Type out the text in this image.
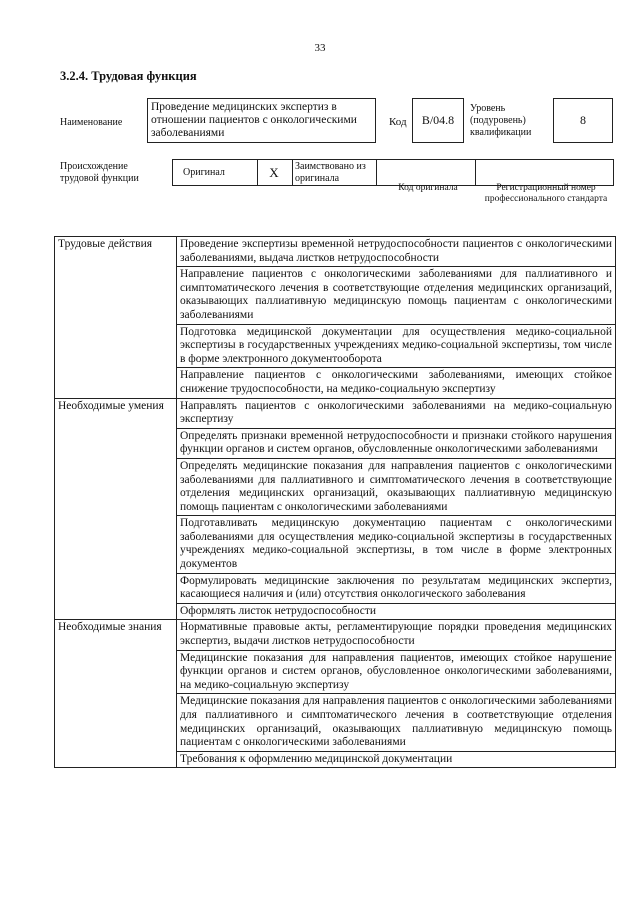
33
3.2.4. Трудовая функция
Наименование
Проведение медицинских экспертиз в отношении пациентов с онкологическими заболеваниями
Код	B/04.8
Уровень (подуровень) квалификации
8
Происхождение трудовой функции
Оригинал	X	Заимствовано из оригинала
Код оригинала	Регистрационный номер профессионального стандарта
Трудовые действия	Проведение экспертизы временной нетрудоспособности пациентов с онкологическими заболеваниями, выдача листков нетрудоспособности
	Направление пациентов с онкологическими заболеваниями для паллиативного и симптоматического лечения в соответствующие отделения медицинских организаций, оказывающих паллиативную медицинскую помощь пациентам с онкологическими заболеваниями
	Подготовка медицинской документации для осуществления медико-социальной экспертизы в государственных учреждениях медико-социальной экспертизы, том числе в форме электронного документооборота
	Направление пациентов с онкологическими заболеваниями, имеющих стойкое снижение трудоспособности, на медико-социальную экспертизу
Необходимые умения	Направлять пациентов с онкологическими заболеваниями на медико-социальную экспертизу
	Определять признаки временной нетрудоспособности и признаки стойкого нарушения функции органов и систем органов, обусловленные онкологическими заболеваниями
	Определять медицинские показания для направления пациентов с онкологическими заболеваниями для паллиативного и симптоматического лечения в соответствующие отделения медицинских организаций, оказывающих паллиативную медицинскую помощь пациентам с онкологическими заболеваниями
	Подготавливать медицинскую документацию пациентам с онкологическими заболеваниями для осуществления медико-социальной экспертизы в государственных учреждениях медико-социальной экспертизы, в том числе в форме электронных документов
	Формулировать медицинские заключения по результатам медицинских экспертиз, касающиеся наличия и (или) отсутствия онкологического заболевания
	Оформлять листок нетрудоспособности
Необходимые знания	Нормативные правовые акты, регламентирующие порядки проведения медицинских экспертиз, выдачи листков нетрудоспособности
	Медицинские показания для направления пациентов, имеющих стойкое нарушение функции органов и систем органов, обусловленное онкологическими заболеваниями, на медико-социальную экспертизу
	Медицинские показания для направления пациентов с онкологическими заболеваниями для паллиативного и симптоматического лечения в соответствующие отделения медицинских организаций, оказывающих паллиативную медицинскую помощь пациентам с онкологическими заболеваниями
	Требования к оформлению медицинской документации
